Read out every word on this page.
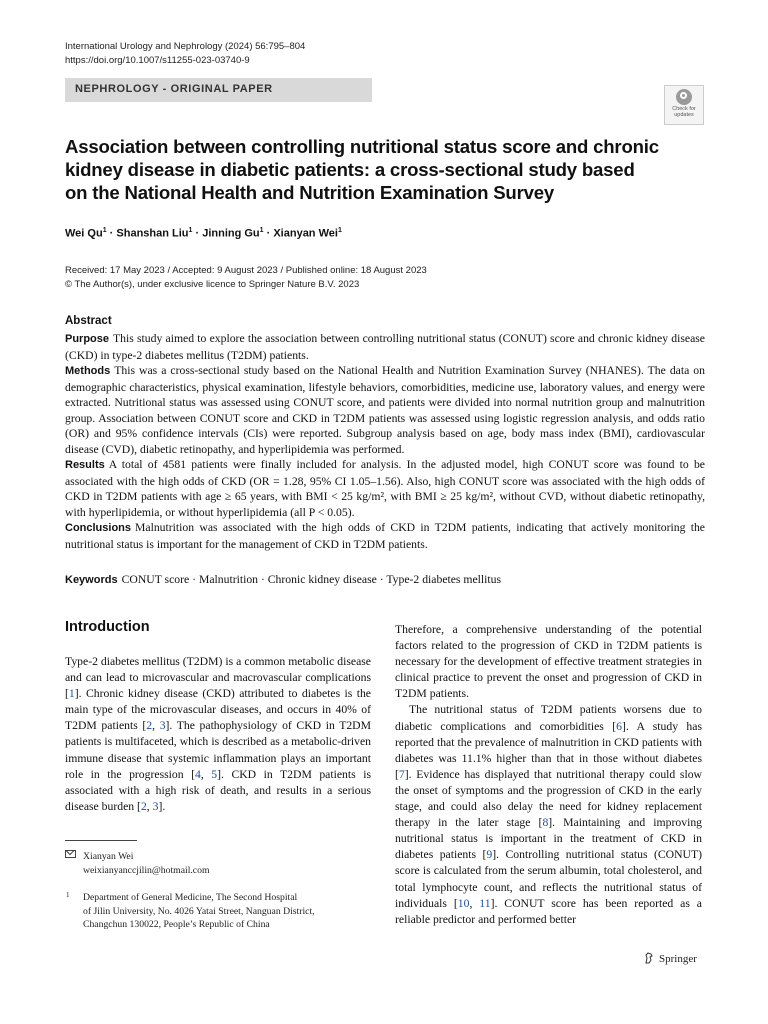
International Urology and Nephrology (2024) 56:795–804
https://doi.org/10.1007/s11255-023-03740-9
NEPHROLOGY - ORIGINAL PAPER
Check for
updates
Association between controlling nutritional status score and chronic
kidney disease in diabetic patients: a cross-sectional study based
on the National Health and Nutrition Examination Survey
Wei $Qu^1$ · Shanshan Liu$^1$ · Jinning $Gu^1$ · Xianyan Wei$^1$
Received: 17 May 2023 / Accepted: 9 August 2023 / Published online: 18 August 2023
© The Author(s), under exclusive licence to Springer Nature B.V. 2023
Abstract

Purpose This study aimed to explore the association between controlling nutritional status (CONUT) score and chronic kidney disease (CKD) in type-2 diabetes mellitus (T2DM) patients.

Methods This was a cross-sectional study based on the National Health and Nutrition Examination Survey (NHANES). The data on demographic characteristics, physical examination, lifestyle behaviors, comorbidities, medicine use, laboratory values, and energy were extracted. Nutritional status was assessed using CONUT score, and patients were divided into normal nutrition group and malnutrition group. Association between CONUT score and CKD in T2DM patients was assessed using logistic regression analysis, and odds ratio (OR) and 95% confidence intervals (CIs) were reported. Subgroup analysis based on age, body mass index (BMI), cardiovascular disease (CVD), diabetic retinopathy, and hyperlipidemia was performed.

Results A total of 4581 patients were finally included for analysis. In the adjusted model, high CONUT score was found to be associated with the high odds of CKD (OR = 1.28, 95% CI 1.05–1.56). Also, high CONUT score was associated with the high odds of CKD in T2DM patients with age ≥ 65 years, with BMI < 25 kg/m², with BMI ≥ 25 kg/m², without CVD, without diabetic retinopathy, with hyperlipidemia, or without hyperlipidemia (all P < 0.05).

Conclusions Malnutrition was associated with the high odds of CKD in T2DM patients, indicating that actively monitoring the nutritional status is important for the management of CKD in T2DM patients.

Keywords CONUT score · Malnutrition · Chronic kidney disease · Type-2 diabetes mellitus
Introduction

Type-2 diabetes mellitus (T2DM) is a common metabolic disease and can lead to microvascular and macrovascular complications [1]. Chronic kidney disease (CKD) attributed to diabetes is the main type of the microvascular diseases, and occurs in 40% of T2DM patients [2, 3]. The pathophysiology of CKD in T2DM patients is multifaceted, which is described as a metabolic-driven immune disease that systemic inflammation plays an important role in the progression [4, 5]. CKD in T2DM patients is associated with a high risk of death, and results in a serious disease burden [2, 3].

Therefore, a comprehensive understanding of the potential factors related to the progression of CKD in T2DM patients is necessary for the development of effective treatment strategies in clinical practice to prevent the onset and progression of CKD in T2DM patients.

The nutritional status of T2DM patients worsens due to diabetic complications and comorbidities [6]. A study has reported that the prevalence of malnutrition in CKD patients with diabetes was 11.1% higher than that in those without diabetes [7]. Evidence has displayed that nutritional therapy could slow the onset of symptoms and the progression of CKD in the early stage, and could also delay the need for kidney replacement therapy in the later stage [8]. Maintaining and improving nutritional status is important in the treatment of CKD in diabetes patients [9]. Controlling nutritional status (CONUT) score is calculated from the serum albumin, total cholesterol, and total lymphocyte count, and reflects the nutritional status of individuals [10, 11]. CONUT score has been reported as a reliable predictor and performed better

Xianyan Wei
weixianyanccjilin@hotmail.com
1 Department of General Medicine, The Second Hospital
of Jilin University, No. 4026 Yatai Street, Nanguan District,
Changchun 130022, People’s Republic of China
Springer
